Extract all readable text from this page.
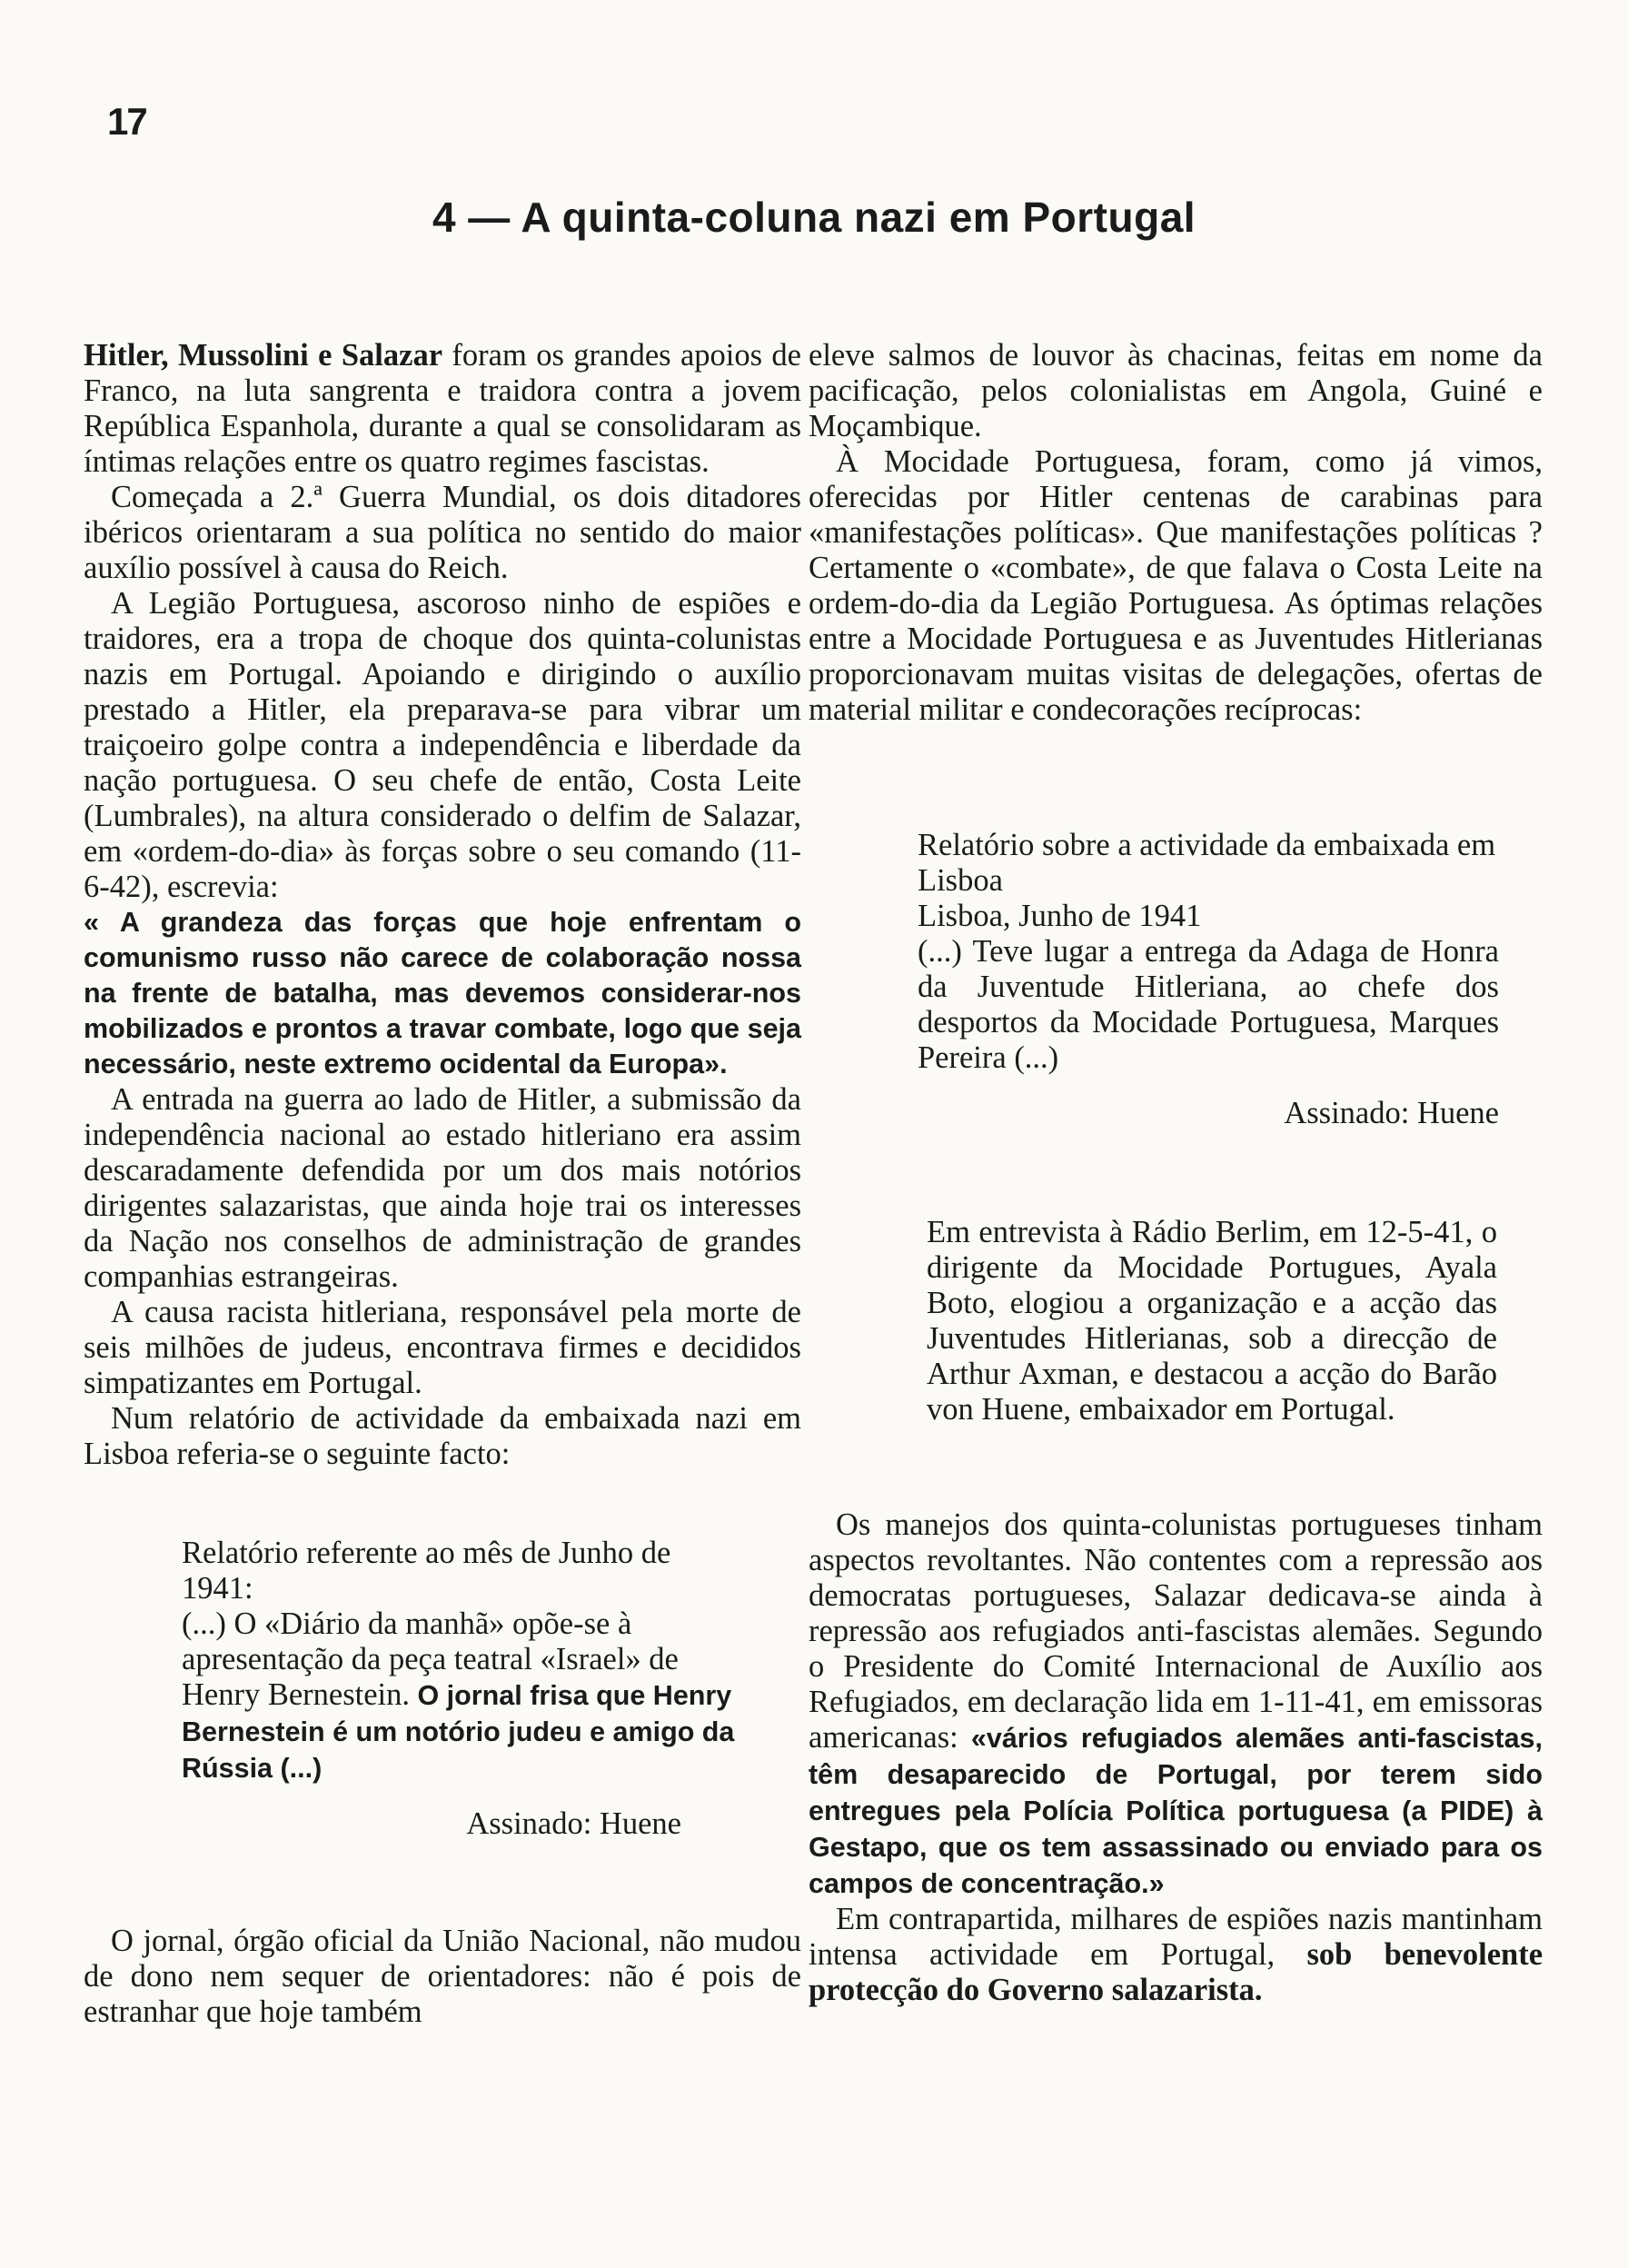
17
4 — A quinta-coluna nazi em Portugal

Hitler, Mussolini e Salazar foram os grandes apoios de Franco, na luta sangrenta e traidora contra a jovem República Espanhola, durante a qual se consolidaram as íntimas relações entre os quatro regimes fascistas.

Começada a 2.ª Guerra Mundial, os dois ditadores ibéricos orientaram a sua política no sentido do maior auxílio possível à causa do Reich.

A Legião Portuguesa, ascoroso ninho de espiões e traidores, era a tropa de choque dos quinta-colunistas nazis em Portugal. Apoiando e dirigindo o auxílio prestado a Hitler, ela preparava-se para vibrar um traiçoeiro golpe contra a independência e liberdade da nação portuguesa. O seu chefe de então, Costa Leite (Lumbrales), na altura considerado o delfim de Salazar, em «ordem-do-dia» às forças sobre o seu comando (11-6-42), escrevia:

« A grandeza das forças que hoje enfrentam o comunismo russo não carece de colaboração nossa na frente de batalha, mas devemos considerar-nos mobilizados e prontos a travar combate, logo que seja necessário, neste extremo ocidental da Europa».

A entrada na guerra ao lado de Hitler, a submissão da independência nacional ao estado hitleriano era assim descaradamente defendida por um dos mais notórios dirigentes salazaristas, que ainda hoje trai os interesses da Nação nos conselhos de administração de grandes companhias estrangeiras.

A causa racista hitleriana, responsável pela morte de seis milhões de judeus, encontrava firmes e decididos simpatizantes em Portugal.

Num relatório de actividade da embaixada nazi em Lisboa referia-se o seguinte facto:

Relatório referente ao mês de Junho de 1941:

(...) O «Diário da manhã» opõe-se à apresentação da peça teatral «Israel» de Henry Bernestein. O jornal frisa que Henry Bernestein é um notório judeu e amigo da Rússia (...)

Assinado: Huene

O jornal, órgão oficial da União Nacional, não mudou de dono nem sequer de orientadores: não é pois de estranhar que hoje também

eleve salmos de louvor às chacinas, feitas em nome da pacificação, pelos colonialistas em Angola, Guiné e Moçambique.

À Mocidade Portuguesa, foram, como já vimos, oferecidas por Hitler centenas de carabinas para «manifestações políticas». Que manifestações políticas ? Certamente o «combate», de que falava o Costa Leite na ordem-do-dia da Legião Portuguesa. As óptimas relações entre a Mocidade Portuguesa e as Juventudes Hitlerianas proporcionavam muitas visitas de delegações, ofertas de material militar e condecorações recíprocas:

Relatório sobre a actividade da embaixada em Lisboa

Lisboa, Junho de 1941

(...) Teve lugar a entrega da Adaga de Honra da Juventude Hitleriana, ao chefe dos desportos da Mocidade Portuguesa, Marques Pereira (...)

Assinado: Huene

Em entrevista à Rádio Berlim, em 12-5-41, o dirigente da Mocidade Portugues, Ayala Boto, elogiou a organização e a acção das Juventudes Hitlerianas, sob a direcção de Arthur Axman, e destacou a acção do Barão von Huene, embaixador em Portugal.

Os manejos dos quinta-colunistas portugueses tinham aspectos revoltantes. Não contentes com a repressão aos democratas portugueses, Salazar dedicava-se ainda à repressão aos refugiados anti-fascistas alemães. Segundo o Presidente do Comité Internacional de Auxílio aos Refugiados, em declaração lida em 1-11-41, em emissoras americanas: «vários refugiados alemães anti-fascistas, têm desaparecido de Portugal, por terem sido entregues pela Polícia Política portuguesa (a PIDE) à Gestapo, que os tem assassinado ou enviado para os campos de concentração.»

Em contrapartida, milhares de espiões nazis mantinham intensa actividade em Portugal, sob benevolente protecção do Governo salazarista.
